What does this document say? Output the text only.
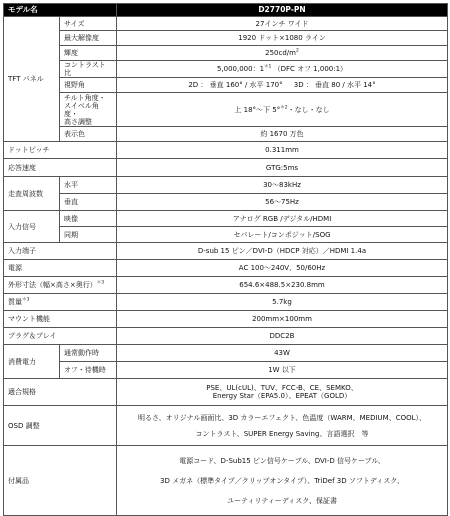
モデル名		D2770P-PN
TFT パネル	サイズ	27インチ ワイド
	最大解像度	1920 ドット×1080 ライン
	輝度	$250cd/m^2$
	コントラスト比	5,000,000：$1^{*1}$ （DFC オフ 1,000:1）
	視野角	2D ： 垂直 160° / 水平 170° 3D ： 垂直 80 / 水平 14°
	チルト角度・
スイベル角度・
高さ調整	上 18°～下 5°$^{*2}$・なし・なし
	表示色	約 1670 万色
ドットピッチ		0.311mm
応答速度		GTG:5ms
走査周波数	水平	30～83kHz
	垂直	56～75Hz
入力信号	映像	アナログ RGB /デジタル/HDMI
	同期	セパレート/コンポジット/SOG
入力端子		D-sub 15 ピン／DVI-D（HDCP 対応）／HDMI 1.4a
電源		AC 100～240V、50/60Hz
外形寸法（幅×高さ×奥行）$^{*3}$		654.6×488.5×230.8mm
質量$^{*3}$		5.7kg
マウント機能		200mm×100mm
プラグ＆プレイ		DDC2B
消費電力	通常動作時	43W
	オフ・待機時	1W 以下
適合規格		PSE、UL(cUL)、TUV、FCC-B、CE、SEMKO、
Energy Star（EPA5.0）、EPEAT（GOLD）
OSD 調整		明るさ、オリジナル画面比、3D カラーエフェクト、色温度（WARM、MEDIUM、COOL）、

コントラスト、SUPER Energy Saving、言語選択　等
付属品		電源コード、D-Sub15 ピン信号ケーブル、DVI-D 信号ケーブル、

3D メガネ（標準タイプ／クリップオンタイプ）、TriDef 3D ソフトディスク、

ユーティリティーディスク、保証書
